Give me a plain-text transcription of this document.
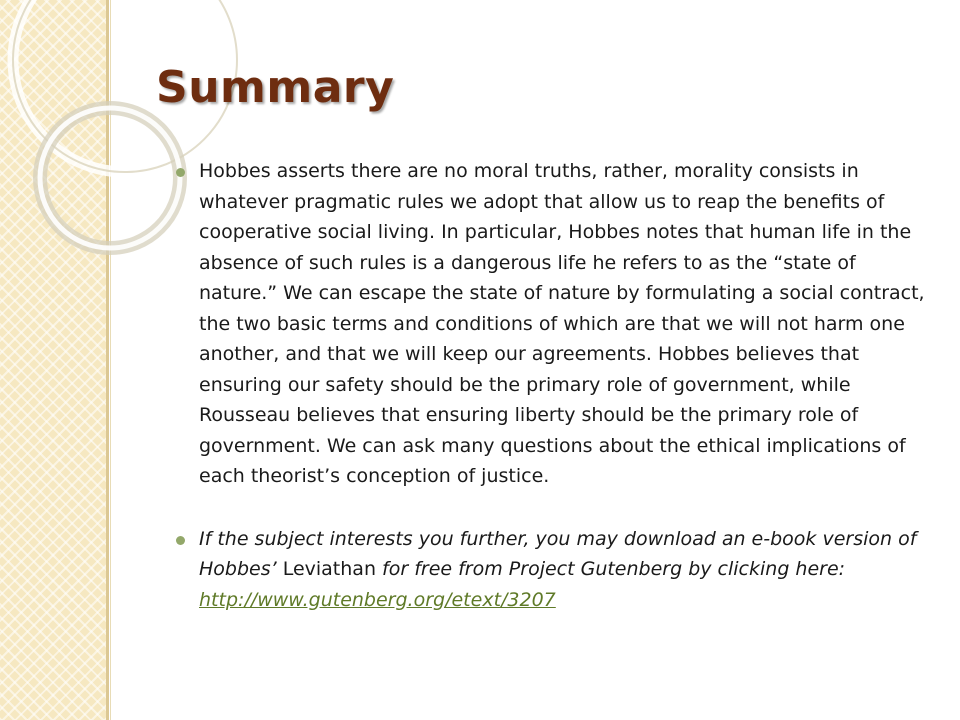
Summary
Hobbes asserts there are no moral truths, rather, morality consists in whatever pragmatic rules we adopt that allow us to reap the benefits of cooperative social living. In particular, Hobbes notes that human life in the absence of such rules is a dangerous life he refers to as the “state of nature.” We can escape the state of nature by formulating a social contract, the two basic terms and conditions of which are that we will not harm one another, and that we will keep our agreements. Hobbes believes that ensuring our safety should be the primary role of government, while Rousseau believes that ensuring liberty should be the primary role of government. We can ask many questions about the ethical implications of each theorist’s conception of justice.
If the subject interests you further, you may download an e-book version of Hobbes’ Leviathan for free from Project Gutenberg by clicking here: http://www.gutenberg.org/etext/3207
